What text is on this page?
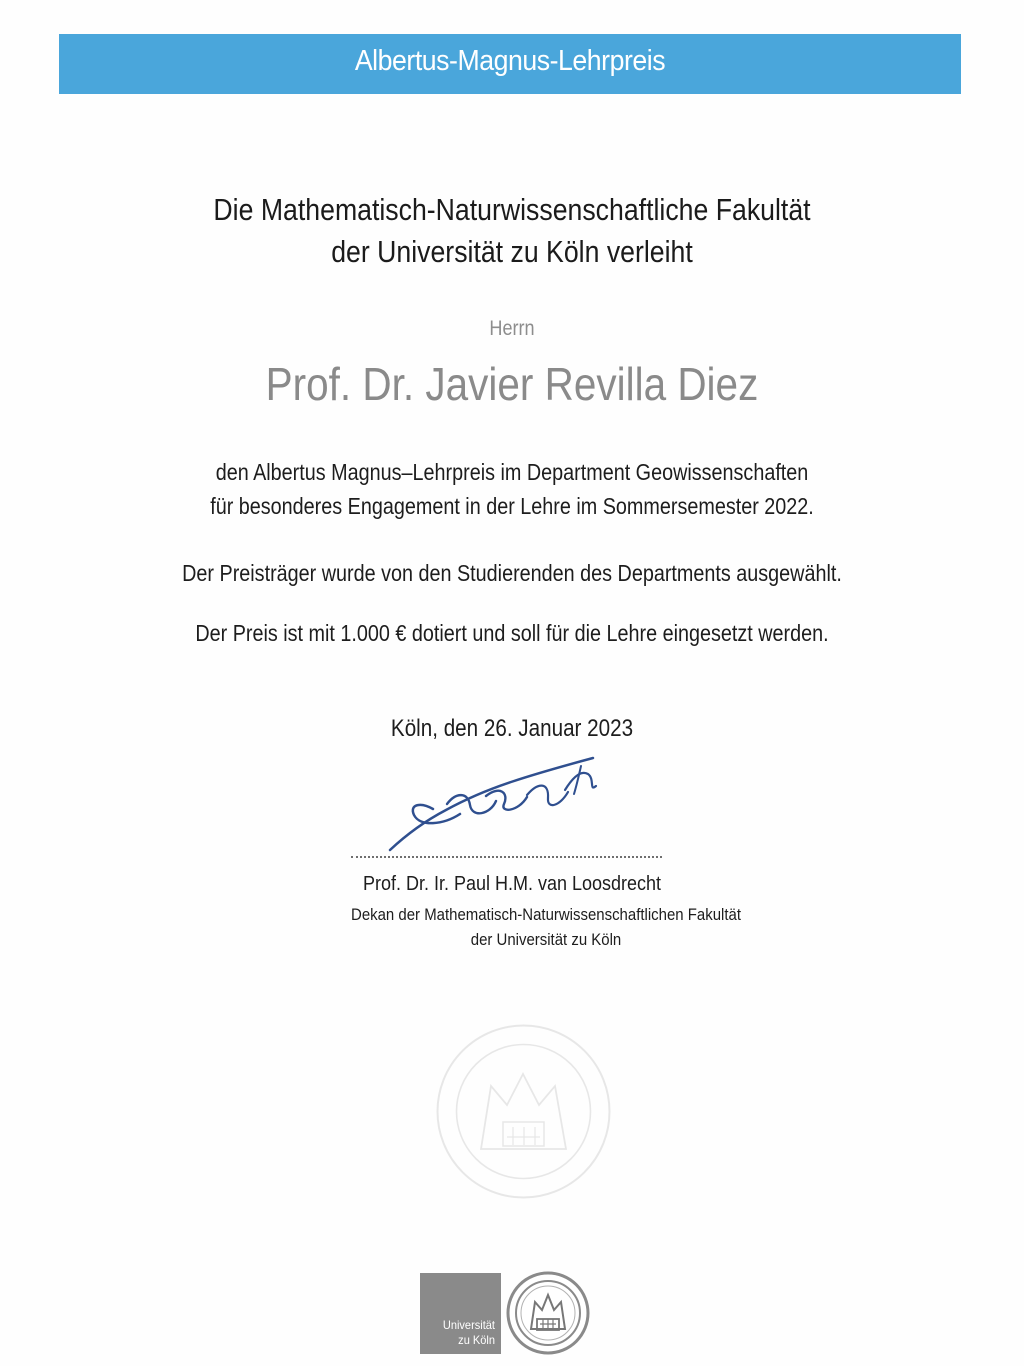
Albertus-Magnus-Lehrpreis
Die Mathematisch-Naturwissenschaftliche Fakultät
der Universität zu Köln verleiht
Herrn
Prof. Dr. Javier Revilla Diez
den Albertus Magnus–Lehrpreis im Department Geowissenschaften
für besonderes Engagement in der Lehre im Sommersemester 2022.
Der Preisträger wurde von den Studierenden des Departments ausgewählt.
Der Preis ist mit 1.000 € dotiert und soll für die Lehre eingesetzt werden.
Köln, den 26. Januar 2023
Prof. Dr. Ir. Paul H.M. van Loosdrecht
Dekan der Mathematisch-Naturwissenschaftlichen Fakultät
der Universität zu Köln
Universität
zu Köln
